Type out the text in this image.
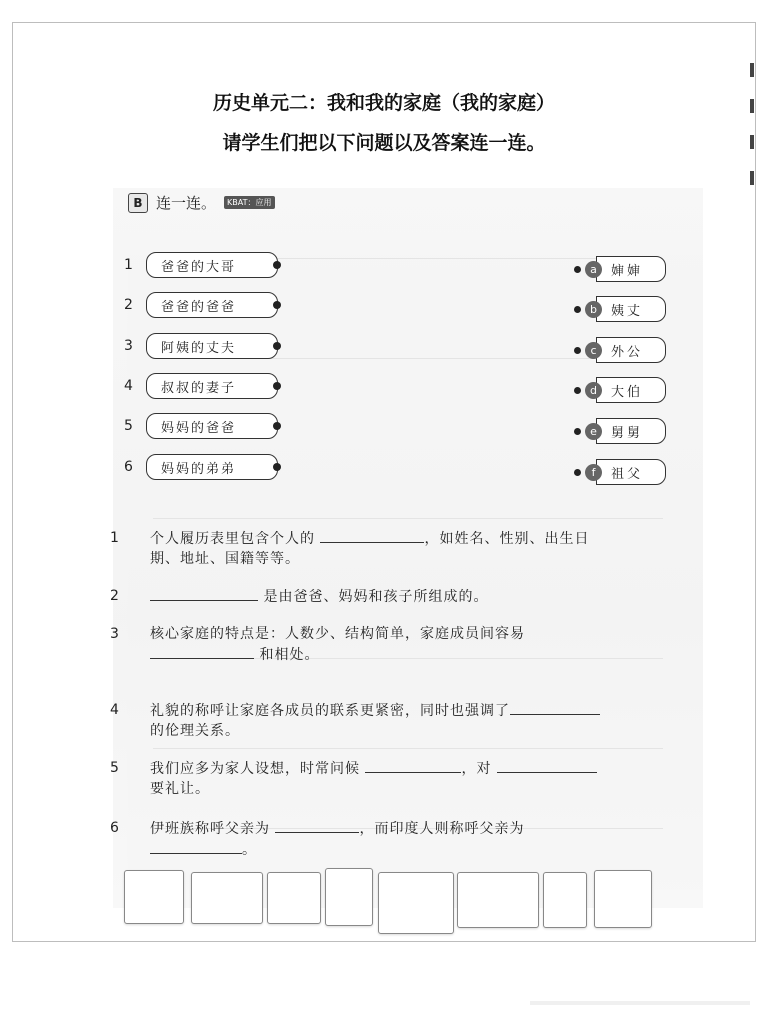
历史单元二：我和我的家庭（我的家庭）
请学生们把以下问题以及答案连一连。
B 连一连。	KBAT：应用
1	爸爸的大哥
2	爸爸的爸爸
3	阿姨的丈夫
4	叔叔的妻子
5	妈妈的爸爸
6	妈妈的弟弟
a	婶婶
b	姨丈
c	外公
d	大伯
e	舅舅
f	祖父
1 个人履历表里包含个人的	，如姓名、性别、出生日
期、地址、国籍等等。
2	是由爸爸、妈妈和孩子所组成的。
3 核心家庭的特点是：人数少、结构简单，家庭成员间容易
和相处。
4 礼貌的称呼让家庭各成员的联系更紧密，同时也强调了
的伦理关系。
5 我们应多为家人设想，时常问候	，对
要礼让。
6 伊班族称呼父亲为	，而印度人则称呼父亲为
。
